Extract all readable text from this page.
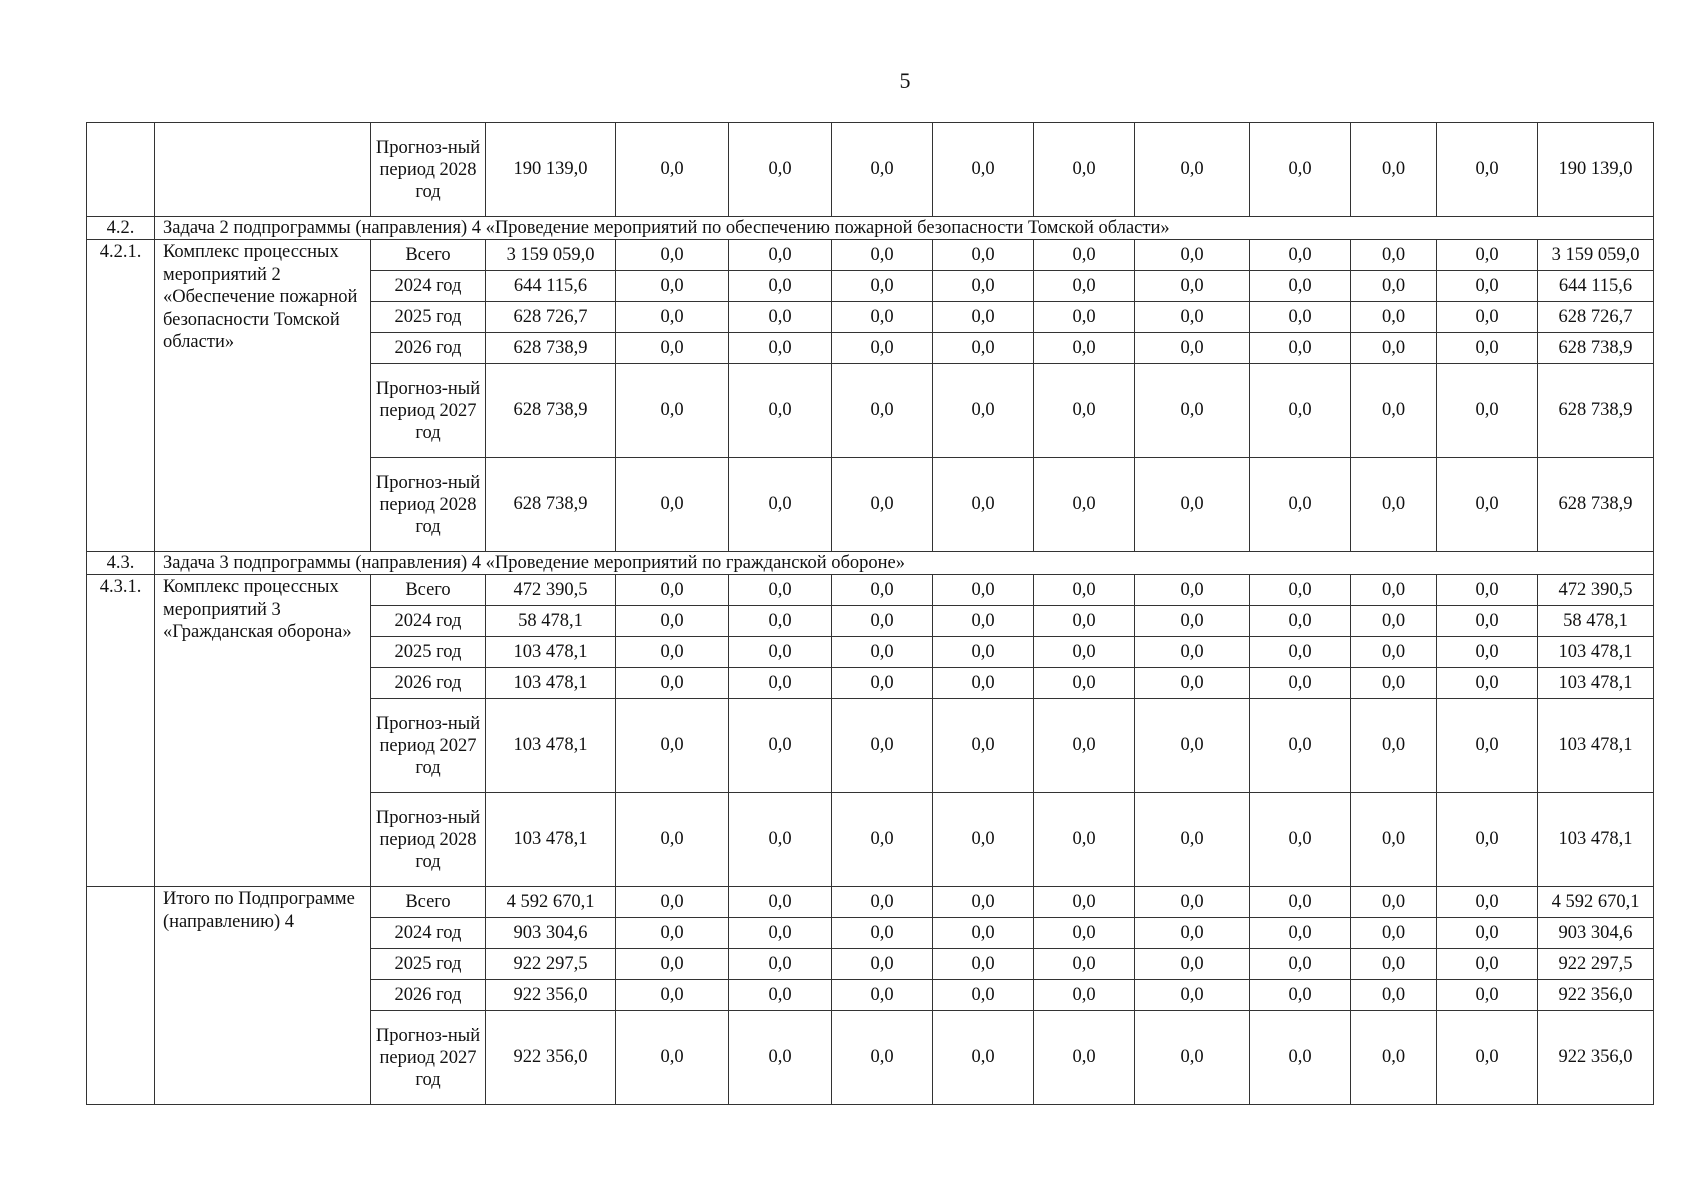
5
		Прогноз-ный период 2028 год	190 139,0	0,0	0,0	0,0	0,0	0,0	0,0	0,0	0,0	0,0	190 139,0
4.2.	Задача 2 подпрограммы (направления) 4 «Проведение мероприятий по обеспечению пожарной безопасности Томской области»												
4.2.1.	Комплекс процессных мероприятий 2 «Обеспечение пожарной безопасности Томской области»	Всего	3 159 059,0	0,0	0,0	0,0	0,0	0,0	0,0	0,0	0,0	0,0	3 159 059,0
		2024 год	644 115,6	0,0	0,0	0,0	0,0	0,0	0,0	0,0	0,0	0,0	644 115,6
		2025 год	628 726,7	0,0	0,0	0,0	0,0	0,0	0,0	0,0	0,0	0,0	628 726,7
		2026 год	628 738,9	0,0	0,0	0,0	0,0	0,0	0,0	0,0	0,0	0,0	628 738,9
		Прогноз-ный период 2027 год	628 738,9	0,0	0,0	0,0	0,0	0,0	0,0	0,0	0,0	0,0	628 738,9
		Прогноз-ный период 2028 год	628 738,9	0,0	0,0	0,0	0,0	0,0	0,0	0,0	0,0	0,0	628 738,9
4.3.	Задача 3 подпрограммы (направления) 4 «Проведение мероприятий по гражданской обороне»												
4.3.1.	Комплекс процессных мероприятий 3 «Гражданская оборона»	Всего	472 390,5	0,0	0,0	0,0	0,0	0,0	0,0	0,0	0,0	0,0	472 390,5
		2024 год	58 478,1	0,0	0,0	0,0	0,0	0,0	0,0	0,0	0,0	0,0	58 478,1
		2025 год	103 478,1	0,0	0,0	0,0	0,0	0,0	0,0	0,0	0,0	0,0	103 478,1
		2026 год	103 478,1	0,0	0,0	0,0	0,0	0,0	0,0	0,0	0,0	0,0	103 478,1
		Прогноз-ный период 2027 год	103 478,1	0,0	0,0	0,0	0,0	0,0	0,0	0,0	0,0	0,0	103 478,1
		Прогноз-ный период 2028 год	103 478,1	0,0	0,0	0,0	0,0	0,0	0,0	0,0	0,0	0,0	103 478,1
	Итого по Подпрограмме (направлению) 4	Всего	4 592 670,1	0,0	0,0	0,0	0,0	0,0	0,0	0,0	0,0	0,0	4 592 670,1
		2024 год	903 304,6	0,0	0,0	0,0	0,0	0,0	0,0	0,0	0,0	0,0	903 304,6
		2025 год	922 297,5	0,0	0,0	0,0	0,0	0,0	0,0	0,0	0,0	0,0	922 297,5
		2026 год	922 356,0	0,0	0,0	0,0	0,0	0,0	0,0	0,0	0,0	0,0	922 356,0
		Прогноз-ный период 2027 год	922 356,0	0,0	0,0	0,0	0,0	0,0	0,0	0,0	0,0	0,0	922 356,0
